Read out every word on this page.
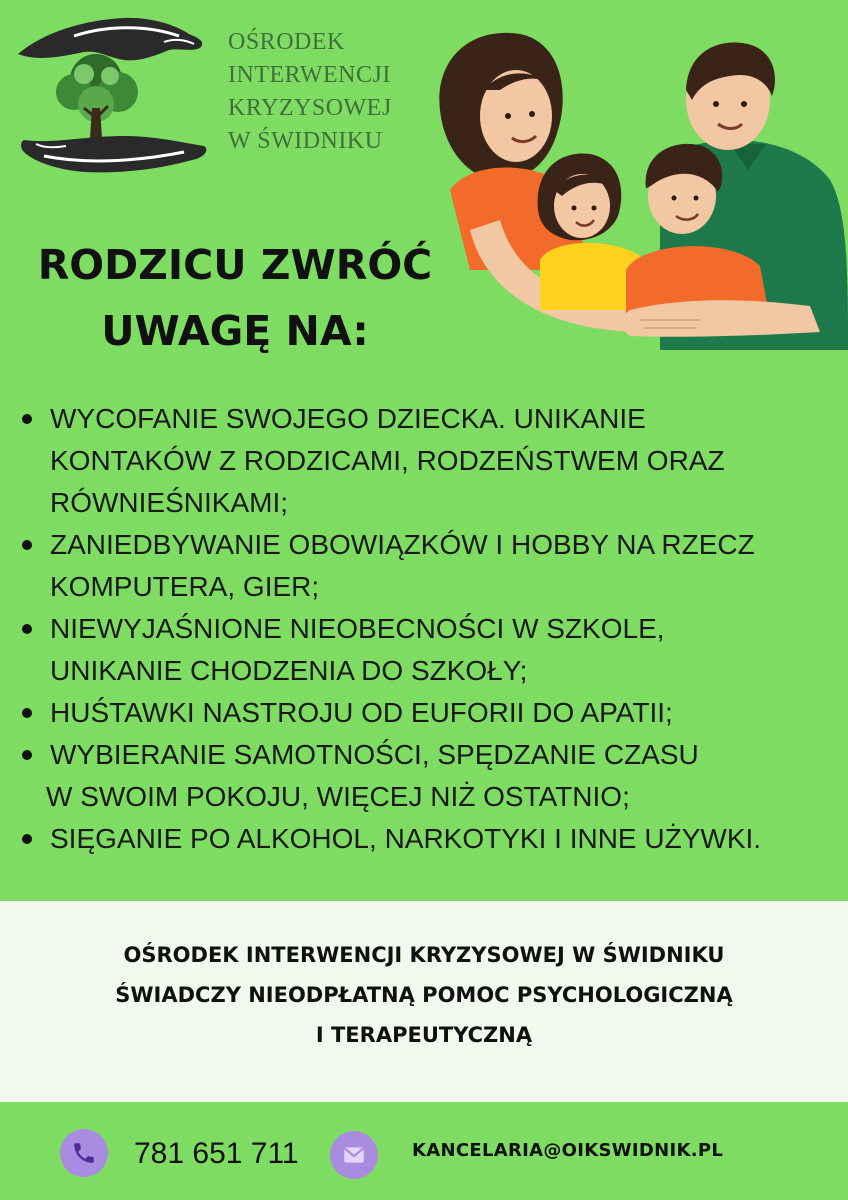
OŚRODEK
INTERWENCJI
KRYZYSOWEJ
W ŚWIDNIKU
RODZICU ZWRÓĆ
UWAGĘ NA:
WYCOFANIE SWOJEGO DZIECKA. UNIKANIE
KONTAKÓW Z RODZICAMI, RODZEŃSTWEM ORAZ
RÓWNIEŚNIKAMI;
ZANIEDBYWANIE OBOWIĄZKÓW I HOBBY NA RZECZ
KOMPUTERA, GIER;
NIEWYJAŚNIONE NIEOBECNOŚCI W SZKOLE,
UNIKANIE CHODZENIA DO SZKOŁY;
HUŚTAWKI NASTROJU OD EUFORII DO APATII;
WYBIERANIE SAMOTNOŚCI, SPĘDZANIE CZASU
W SWOIM POKOJU, WIĘCEJ NIŻ OSTATNIO;
SIĘGANIE PO ALKOHOL, NARKOTYKI I INNE UŻYWKI.
OŚRODEK INTERWENCJI KRYZYSOWEJ W ŚWIDNIKU
ŚWIADCZY NIEODPŁATNĄ POMOC PSYCHOLOGICZNĄ
I TERAPEUTYCZNĄ
781 651 711	KANCELARIA@OIKSWIDNIK.PL
